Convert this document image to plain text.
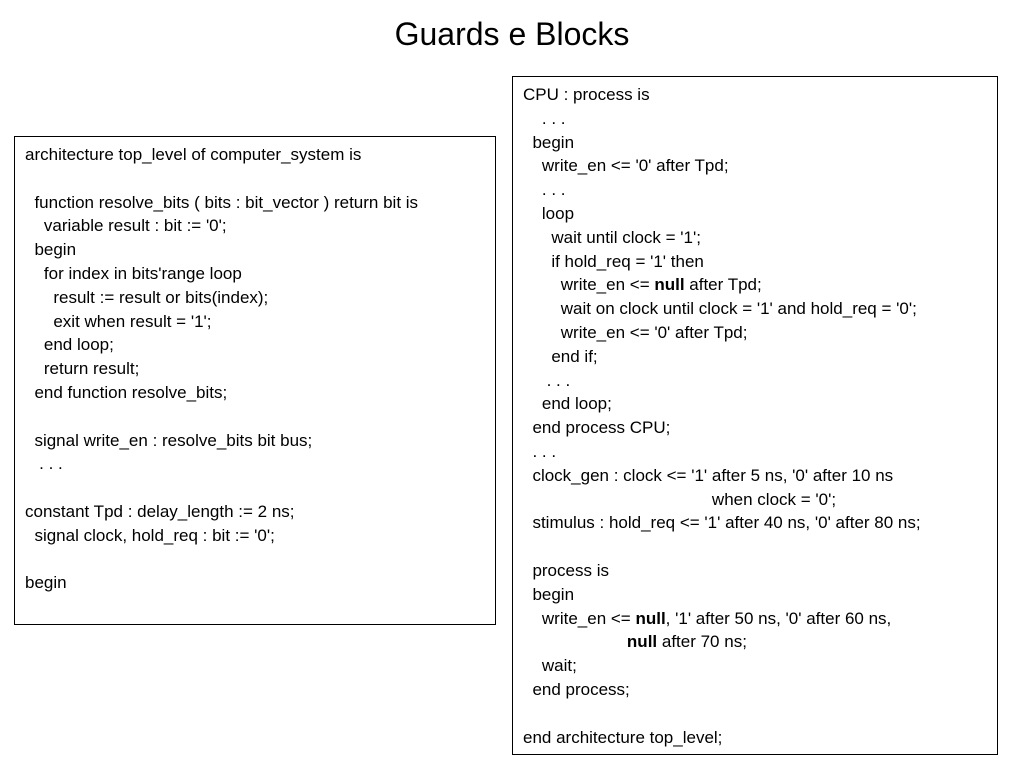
Guards e Blocks
architecture top_level of computer_system is
function resolve_bits ( bits : bit_vector ) return bit is
variable result : bit := '0';
begin
for index in bits'range loop
result := result or bits(index);
exit when result = '1';
end loop;
return result;
end function resolve_bits;
signal write_en : resolve_bits bit bus;
. . .
constant Tpd : delay_length := 2 ns;
signal clock, hold_req : bit := '0';
begin
CPU : process is
. . .
begin
write_en <= '0' after Tpd;
. . .
loop
wait until clock = '1';
if hold_req = '1' then
write_en <= null after Tpd;
wait on clock until clock = '1' and hold_req = '0';
write_en <= '0' after Tpd;
end if;
. . .
end loop;
end process CPU;
. . .
clock_gen : clock <= '1' after 5 ns, '0' after 10 ns
when clock = '0';
stimulus : hold_req <= '1' after 40 ns, '0' after 80 ns;
process is
begin
write_en <= null, '1' after 50 ns, '0' after 60 ns,
null after 70 ns;
wait;
end process;
end architecture top_level;
